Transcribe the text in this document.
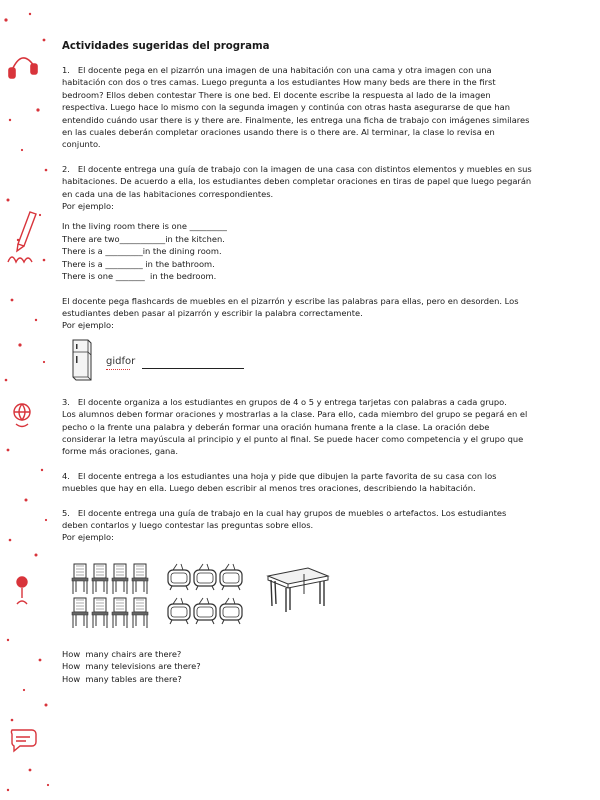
Actividades sugeridas del programa

1. El docente pega en el pizarrón una imagen de una habitación con una cama y otra imagen con una habitación con dos o tres camas. Luego pregunta a los estudiantes How many beds are there in the first bedroom? Ellos deben contestar There is one bed. El docente escribe la respuesta al lado de la imagen respectiva. Luego hace lo mismo con la segunda imagen y continúa con otras hasta asegurarse de que han entendido cuándo usar there is y there are. Finalmente, les entrega una ficha de trabajo con imágenes similares en las cuales deberán completar oraciones usando there is o there are. Al terminar, la clase lo revisa en conjunto.

2. El docente entrega una guía de trabajo con la imagen de una casa con distintos elementos y muebles en sus habitaciones. De acuerdo a ella, los estudiantes deben completar oraciones en tiras de papel que luego pegarán en cada una de las habitaciones correspondientes.

Por ejemplo:

In the living room there is one _________
There are two___________in the kitchen.
There is a _________in the dining room.
There is a _________ in the bathroom.
There is one _______  in the bedroom.

El docente pega flashcards de muebles en el pizarrón y escribe las palabras para ellas, pero en desorden. Los estudiantes deben pasar al pizarrón y escribir la palabra correctamente.

Por ejemplo:

gidfor

3. El docente organiza a los estudiantes en grupos de 4 o 5 y entrega tarjetas con palabras a cada grupo.

Los alumnos deben formar oraciones y mostrarlas a la clase. Para ello, cada miembro del grupo se pegará en el pecho o la frente una palabra y deberán formar una oración humana frente a la clase. La oración debe considerar la letra mayúscula al principio y el punto al final. Se puede hacer como competencia y el grupo que forme más oraciones, gana.

4. El docente entrega a los estudiantes una hoja y pide que dibujen la parte favorita de su casa con los muebles que hay en ella. Luego deben escribir al menos tres oraciones, describiendo la habitación.

5. El docente entrega una guía de trabajo en la cual hay grupos de muebles o artefactos. Los estudiantes deben contarlos y luego contestar las preguntas sobre ellos.

Por ejemplo:

How  many chairs are there?
How  many televisions are there?
How  many tables are there?
